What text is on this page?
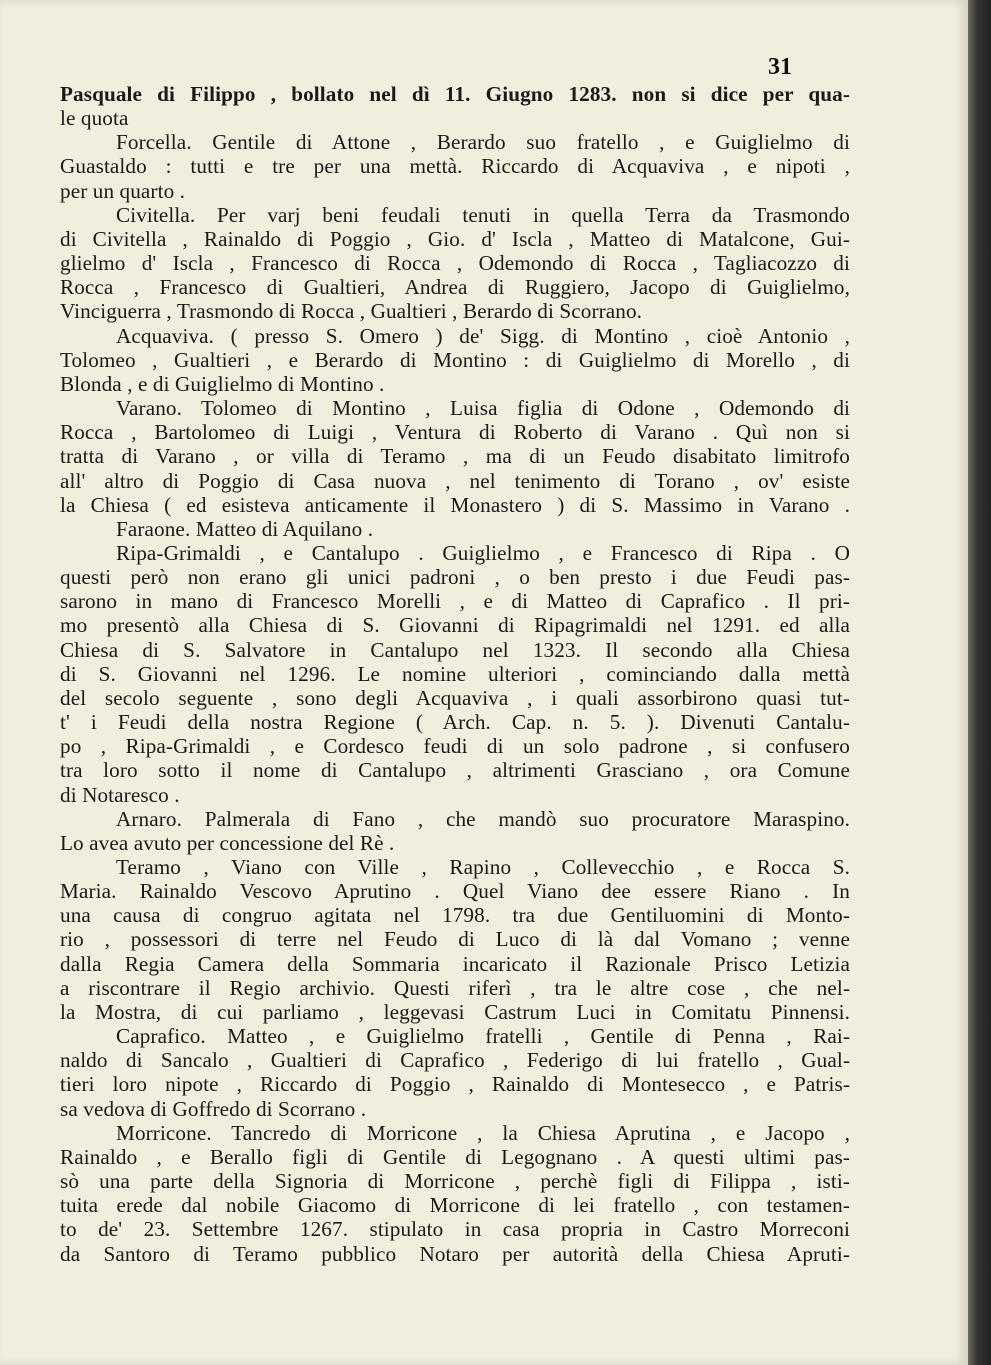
31
Pasquale di Filippo , bollato nel dì 11. Giugno 1283. non si dice per qua-
le quota
Forcella. Gentile di Attone , Berardo suo fratello , e Guiglielmo di
Guastaldo : tutti e tre per una mettà. Riccardo di Acquaviva , e nipoti ,
per un quarto .
Civitella. Per varj beni feudali tenuti in quella Terra da Trasmondo
di Civitella , Rainaldo di Poggio , Gio. d' Iscla , Matteo di Matalcone, Gui-
glielmo d' Iscla , Francesco di Rocca , Odemondo di Rocca , Tagliacozzo di
Rocca , Francesco di Gualtieri, Andrea di Ruggiero, Jacopo di Guiglielmo,
Vinciguerra , Trasmondo di Rocca , Gualtieri , Berardo di Scorrano.
Acquaviva. ( presso S. Omero ) de' Sigg. di Montino , cioè Antonio ,
Tolomeo , Gualtieri , e Berardo di Montino : di Guiglielmo di Morello , di
Blonda , e di Guiglielmo di Montino .
Varano. Tolomeo di Montino , Luisa figlia di Odone , Odemondo di
Rocca , Bartolomeo di Luigi , Ventura di Roberto di Varano . Quì non si
tratta di Varano , or villa di Teramo , ma di un Feudo disabitato limitrofo
all' altro di Poggio di Casa nuova , nel tenimento di Torano , ov' esiste
la Chiesa ( ed esisteva anticamente il Monastero ) di S. Massimo in Varano .
Faraone. Matteo di Aquilano .
Ripa-Grimaldi , e Cantalupo . Guiglielmo , e Francesco di Ripa . O
questi però non erano gli unici padroni , o ben presto i due Feudi pas-
sarono in mano di Francesco Morelli , e di Matteo di Caprafico . Il pri-
mo presentò alla Chiesa di S. Giovanni di Ripagrimaldi nel 1291. ed alla
Chiesa di S. Salvatore in Cantalupo nel 1323. Il secondo alla Chiesa
di S. Giovanni nel 1296. Le nomine ulteriori , cominciando dalla mettà
del secolo seguente , sono degli Acquaviva , i quali assorbirono quasi tut-
t' i Feudi della nostra Regione ( Arch. Cap. n. 5. ). Divenuti Cantalu-
po , Ripa-Grimaldi , e Cordesco feudi di un solo padrone , si confusero
tra loro sotto il nome di Cantalupo , altrimenti Grasciano , ora Comune
di Notaresco .
Arnaro. Palmerala di Fano , che mandò suo procuratore Maraspino.
Lo avea avuto per concessione del Rè .
Teramo , Viano con Ville , Rapino , Collevecchio , e Rocca S.
Maria. Rainaldo Vescovo Aprutino . Quel Viano dee essere Riano . In
una causa di congruo agitata nel 1798. tra due Gentiluomini di Monto-
rio , possessori di terre nel Feudo di Luco di là dal Vomano ; venne
dalla Regia Camera della Sommaria incaricato il Razionale Prisco Letizia
a riscontrare il Regio archivio. Questi riferì , tra le altre cose , che nel-
la Mostra, di cui parliamo , leggevasi Castrum Luci in Comitatu Pinnensi.
Caprafico. Matteo , e Guiglielmo fratelli , Gentile di Penna , Rai-
naldo di Sancalo , Gualtieri di Caprafico , Federigo di lui fratello , Gual-
tieri loro nipote , Riccardo di Poggio , Rainaldo di Montesecco , e Patris-
sa vedova di Goffredo di Scorrano .
Morricone. Tancredo di Morricone , la Chiesa Aprutina , e Jacopo ,
Rainaldo , e Berallo figli di Gentile di Legognano . A questi ultimi pas-
sò una parte della Signoria di Morricone , perchè figli di Filippa , isti-
tuita erede dal nobile Giacomo di Morricone di lei fratello , con testamen-
to de' 23. Settembre 1267. stipulato in casa propria in Castro Morreconi
da Santoro di Teramo pubblico Notaro per autorità della Chiesa Apruti-
